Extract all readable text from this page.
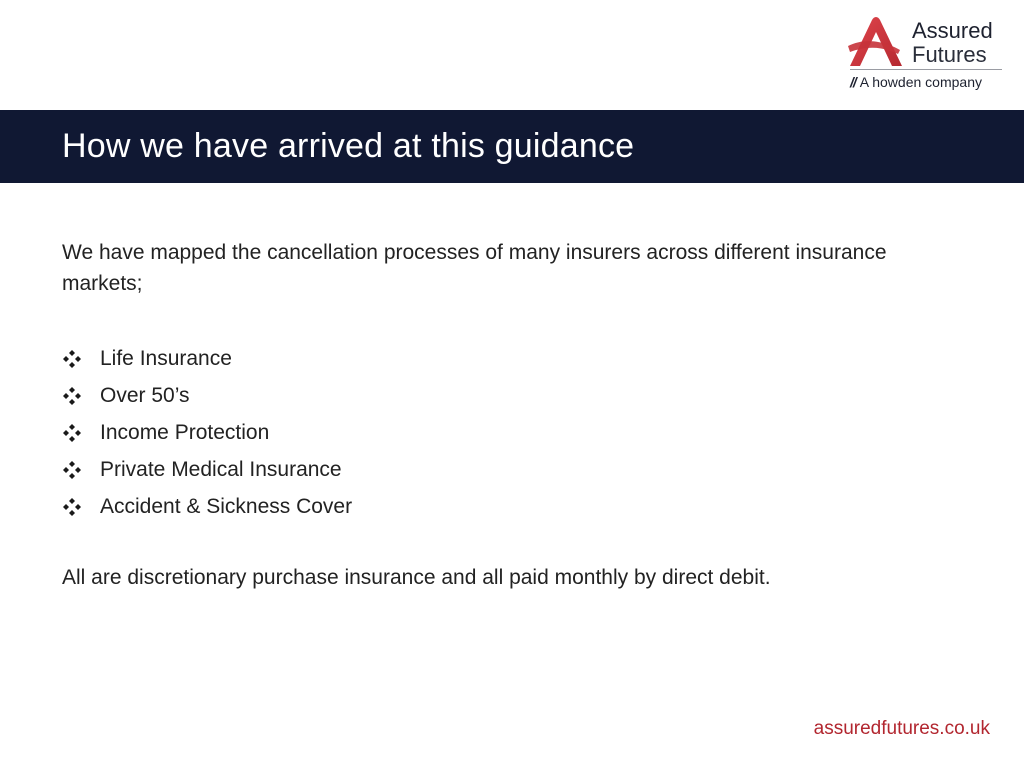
Assured
Futures
// A howden company
How we have arrived at this guidance

We have mapped the cancellation processes of many insurers across different insurance markets;

Life Insurance
Over 50’s
Income Protection
Private Medical Insurance
Accident & Sickness Cover
All are discretionary purchase insurance and all paid monthly by direct debit.
assuredfutures.co.uk
